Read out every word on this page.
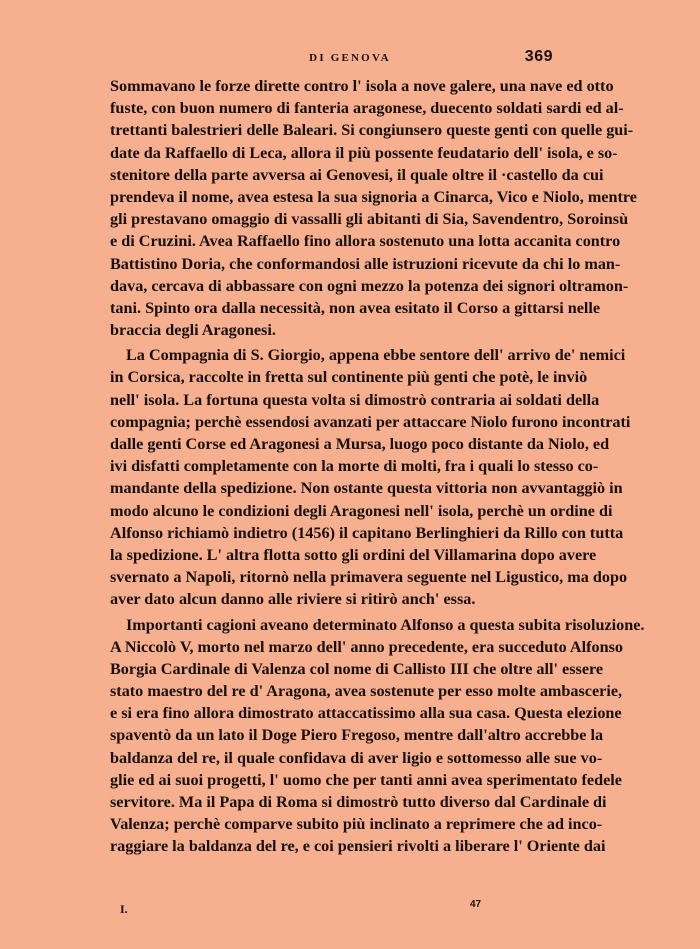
DI GENOVA	369
Sommavano le forze dirette contro l' isola a nove galere, una nave ed otto
fuste, con buon numero di fanteria aragonese, duecento soldati sardi ed al-
trettanti balestrieri delle Baleari. Si congiunsero queste genti con quelle gui-
date da Raffaello di Leca, allora il più possente feudatario dell' isola, e so-
stenitore della parte avversa ai Genovesi, il quale oltre il ·castello da cui
prendeva il nome, avea estesa la sua signoria a Cinarca, Vico e Niolo, mentre
gli prestavano omaggio di vassalli gli abitanti di Sia, Savendentro, Soroinsù
e di Cruzini. Avea Raffaello fino allora sostenuto una lotta accanita contro
Battistino Doria, che conformandosi alle istruzioni ricevute da chi lo man-
dava, cercava di abbassare con ogni mezzo la potenza dei signori oltramon-
tani. Spinto ora dalla necessità, non avea esitato il Corso a gittarsi nelle
braccia degli Aragonesi.
La Compagnia di S. Giorgio, appena ebbe sentore dell' arrivo de' nemici
in Corsica, raccolte in fretta sul continente più genti che potè, le inviò
nell' isola. La fortuna questa volta si dimostrò contraria ai soldati della
compagnia; perchè essendosi avanzati per attaccare Niolo furono incontrati
dalle genti Corse ed Aragonesi a Mursa, luogo poco distante da Niolo, ed
ivi disfatti completamente con la morte di molti, fra i quali lo stesso co-
mandante della spedizione. Non ostante questa vittoria non avvantaggiò in
modo alcuno le condizioni degli Aragonesi nell' isola, perchè un ordine di
Alfonso richiamò indietro (1456) il capitano Berlinghieri da Rillo con tutta
la spedizione. L' altra flotta sotto gli ordini del Villamarina dopo avere
svernato a Napoli, ritornò nella primavera seguente nel Ligustico, ma dopo
aver dato alcun danno alle riviere si ritirò anch' essa.
Importanti cagioni aveano determinato Alfonso a questa subita risoluzione.
A Niccolò V, morto nel marzo dell' anno precedente, era succeduto Alfonso
Borgia Cardinale di Valenza col nome di Callisto III che oltre all' essere
stato maestro del re d' Aragona, avea sostenute per esso molte ambascerie,
e si era fino allora dimostrato attaccatissimo alla sua casa. Questa elezione
spaventò da un lato il Doge Piero Fregoso, mentre dall'altro accrebbe la
baldanza del re, il quale confidava di aver ligio e sottomesso alle sue vo-
glie ed ai suoi progetti, l' uomo che per tanti anni avea sperimentato fedele
servitore. Ma il Papa di Roma si dimostrò tutto diverso dal Cardinale di
Valenza; perchè comparve subito più inclinato a reprimere che ad inco-
raggiare la baldanza del re, e coi pensieri rivolti a liberare l' Oriente dai
I.	47
